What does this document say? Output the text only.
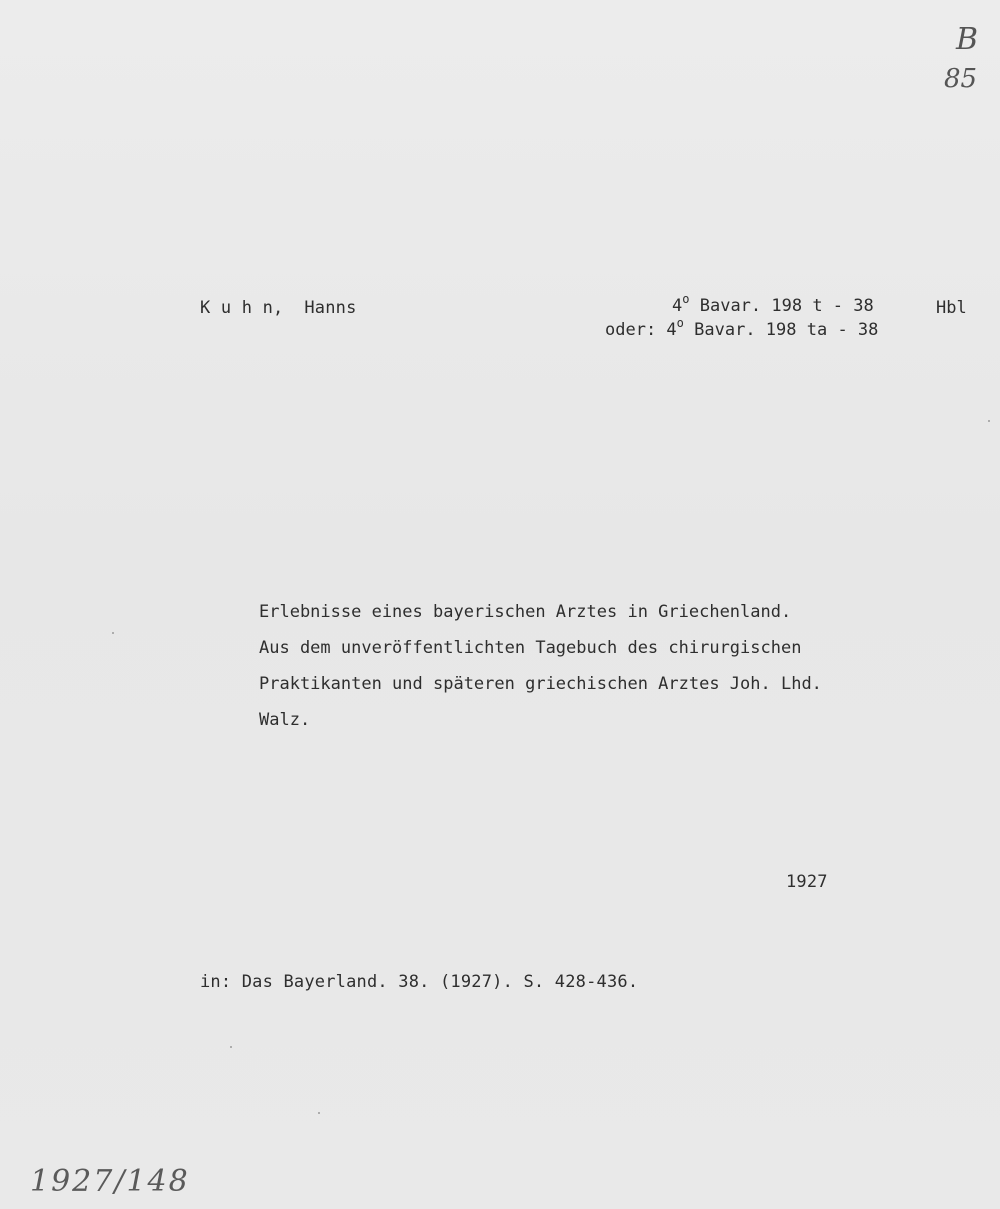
B
85
K u h n,  Hanns	4$^o$ Bavar. 198 t - 38	Hbl
oder: 4$^o$ Bavar. 198 ta - 38
Erlebnisse eines bayerischen Arztes in Griechenland.
Aus dem unveröffentlichten Tagebuch des chirurgischen
Praktikanten und späteren griechischen Arztes Joh. Lhd.
Walz.
1927
in: Das Bayerland. 38. (1927). S. 428-436.
1927/148
